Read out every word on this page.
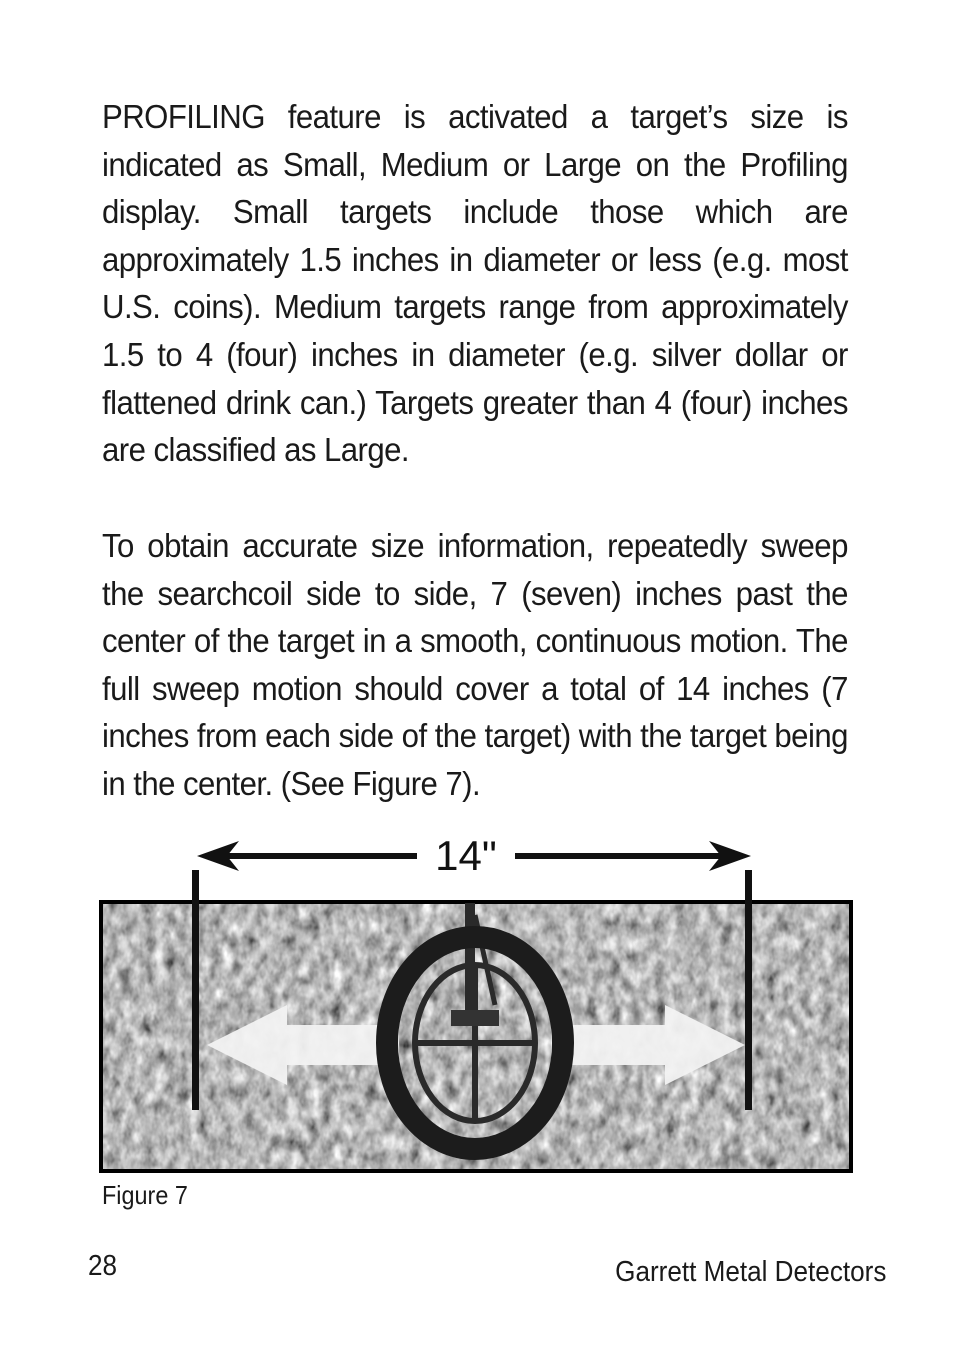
PROFILING feature is activated a target’s size is indicated as Small, Medium or Large on the Profiling display. Small targets include those which are approximately 1.5 inches in diameter or less (e.g. most U.S. coins). Medium targets range from approximately 1.5 to 4 (four) inches in diameter (e.g. silver dollar or flattened drink can.) Targets greater than 4 (four) inches are classified as Large.

To obtain accurate size information, repeatedly sweep the searchcoil side to side, 7 (seven) inches past the center of the target in a smooth, continuous motion. The full sweep motion should cover a total of 14 inches (7 inches from each side of the target) with the target being in the center. (See Figure 7).

14"
Figure 7
28	Garrett Metal Detectors
